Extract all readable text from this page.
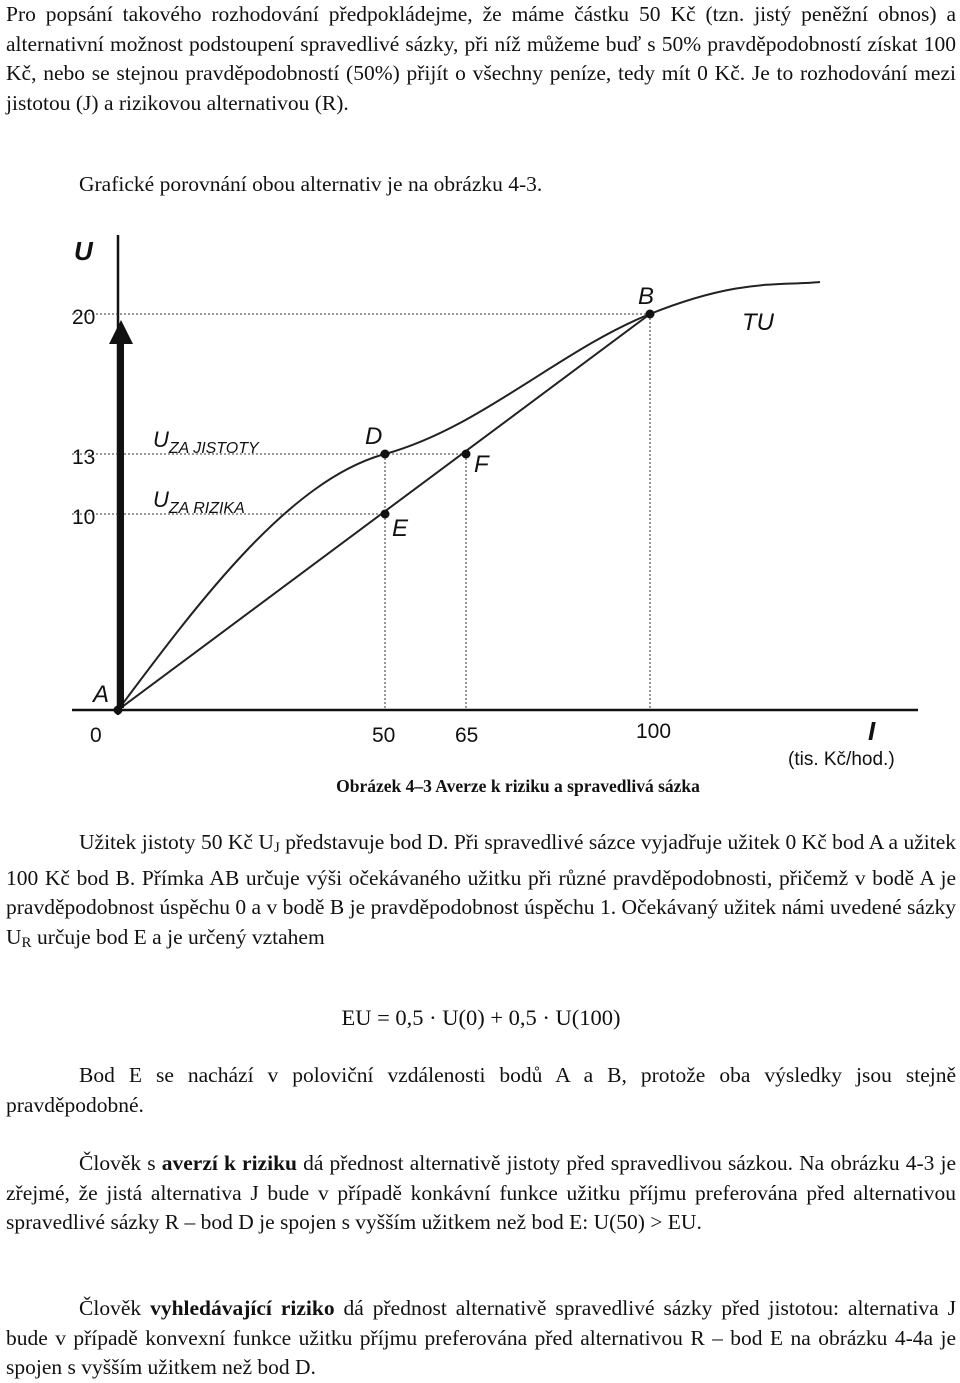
Pro popsání takového rozhodování předpokládejme, že máme částku 50 Kč (tzn. jistý peněžní obnos) a alternativní možnost podstoupení spravedlivé sázky, při níž můžeme buď s 50% pravděpodobností získat 100 Kč, nebo se stejnou pravděpodobností (50%) přijít o všechny peníze, tedy mít 0 Kč. Je to rozhodování mezi jistotou (J) a rizikovou alternativou (R).
Grafické porovnání obou alternativ je na obrázku 4-3.
U
20
13
10
0	50	65	100	I
(tis. Kč/hod.)
A
B
TU
D
E
F
$U_{ZA JISTOTY}$
$U_{ZA RIZIKA}$
Obrázek 4–3 Averze k riziku a spravedlivá sázka
Užitek jistoty 50 Kč $U_J$ představuje bod D. Při spravedlivé sázce vyjadřuje užitek 0 Kč bod A a užitek 100 Kč bod B. Přímka AB určuje výši očekávaného užitku při různé pravděpodobnosti, přičemž v bodě A je pravděpodobnost úspěchu 0 a v bodě B je pravděpodobnost úspěchu 1. Očekávaný užitek námi uvedené sázky $U_R$ určuje bod E a je určený vztahem
EU = 0,5 · U(0) + 0,5 · U(100)
Bod E se nachází v poloviční vzdálenosti bodů A a B, protože oba výsledky jsou stejně pravděpodobné.
Člověk s averzí k riziku dá přednost alternativě jistoty před spravedlivou sázkou. Na obrázku 4-3 je zřejmé, že jistá alternativa J bude v případě konkávní funkce užitku příjmu preferována před alternativou spravedlivé sázky R – bod D je spojen s vyšším užitkem než bod E: U(50) > EU.
Člověk vyhledávající riziko dá přednost alternativě spravedlivé sázky před jistotou: alternativa J bude v případě konvexní funkce užitku příjmu preferována před alternativou R – bod E na obrázku 4-4a je spojen s vyšším užitkem než bod D.
